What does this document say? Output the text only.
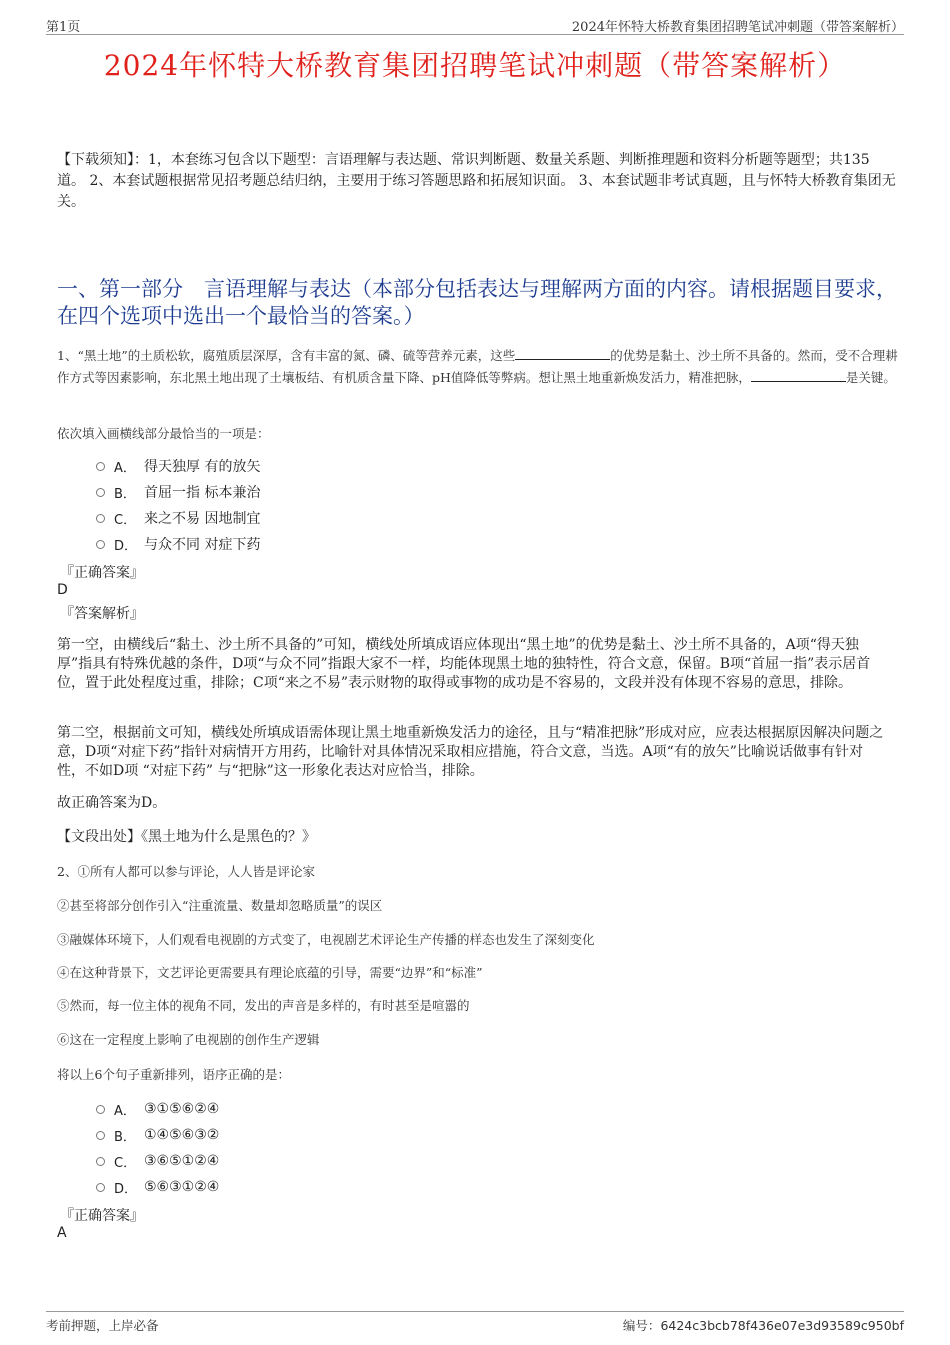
第1页	2024年怀特大桥教育集团招聘笔试冲刺题（带答案解析）
2024年怀特大桥教育集团招聘笔试冲刺题（带答案解析）
【下载须知】：1，本套练习包含以下题型：言语理解与表达题、常识判断题、数量关系题、判断推理题和资料分析题等题型；共135道。 2、本套试题根据常见招考题总结归纳，主要用于练习答题思路和拓展知识面。 3、本套试题非考试真题，且与怀特大桥教育集团无关。
一、第一部分　言语理解与表达（本部分包括表达与理解两方面的内容。请根据题目要求，在四个选项中选出一个最恰当的答案。）
1、“黑土地”的土质松软，腐殖质层深厚，含有丰富的氮、磷、硫等营养元素，这些	的优势是黏土、沙土所不具备的。然而，受不合理耕作方式等因素影响，东北黑土地出现了土壤板结、有机质含量下降、pH值降低等弊病。想让黑土地重新焕发活力，精准把脉，	是关键。
依次填入画横线部分最恰当的一项是：
A． 得天独厚 有的放矢
B． 首屈一指 标本兼治
C． 来之不易 因地制宜
D． 与众不同 对症下药
『正确答案』
D
『答案解析』
第一空，由横线后“黏土、沙土所不具备的”可知，横线处所填成语应体现出“黑土地”的优势是黏土、沙土所不具备的，A项“得天独厚”指具有特殊优越的条件，D项“与众不同”指跟大家不一样，均能体现黑土地的独特性，符合文意，保留。B项“首屈一指”表示居首位，置于此处程度过重，排除；C项“来之不易”表示财物的取得或事物的成功是不容易的，文段并没有体现不容易的意思，排除。
第二空，根据前文可知，横线处所填成语需体现让黑土地重新焕发活力的途径，且与“精准把脉”形成对应，应表达根据原因解决问题之意，D项“对症下药”指针对病情开方用药，比喻针对具体情况采取相应措施，符合文意，当选。A项“有的放矢”比喻说话做事有针对性，不如D项 “对症下药” 与“把脉”这一形象化表达对应恰当，排除。
故正确答案为D。
【文段出处】《黑土地为什么是黑色的？》
2、①所有人都可以参与评论，人人皆是评论家
②甚至将部分创作引入“注重流量、数量却忽略质量”的误区
③融媒体环境下，人们观看电视剧的方式变了，电视剧艺术评论生产传播的样态也发生了深刻变化
④在这种背景下，文艺评论更需要具有理论底蕴的引导，需要“边界”和“标准”
⑤然而，每一位主体的视角不同，发出的声音是多样的，有时甚至是喧嚣的
⑥这在一定程度上影响了电视剧的创作生产逻辑
将以上6个句子重新排列，语序正确的是：
A． ③①⑤⑥②④
B． ①④⑤⑥③②
C． ③⑥⑤①②④
D． ⑤⑥③①②④
『正确答案』
A
考前押题，上岸必备	编号：6424c3bcb78f436e07e3d93589c950bf
